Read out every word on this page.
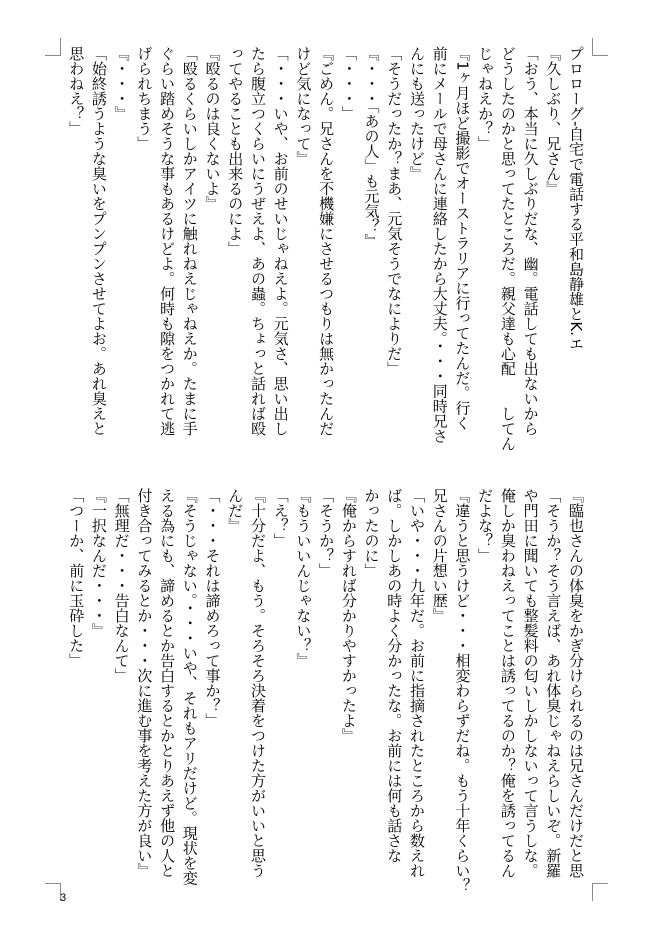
プロローグ-自宅で電話する平和島静雄とK.エ

『久しぶり、兄さん』

「おう、本当に久しぶりだな、幽。電話しても出ないから

どうしたのかと思ってたところだ。親父達も心配　　してん

じゃねえか？」

『1ヶ月ほど撮影でオーストラリアに行ってたんだ。行く

前にメールで母さんに連絡したから大丈夫。・・・同時兄さ

んにも送ったけど』

「そうだったか？まあ、元気そうでなによりだ」

『・・・「あの人」も元気？』

「・・・」

『ごめん。兄さんを不機嫌にさせるつもりは無かったんだ

けど気になって』

「・・・いや、お前のせいじゃねえよ。元気さ、思い出し

たら腹立つくらいにうぜえよ、あの蟲。ちょっと話れば殴

ってやることも出来るのによ」

『殴るのは良くないよ』

「殴るくらいしかアイツに触れねえじゃねえか。たまに手

ぐらい踏めそうな事もあるけどよ。何時も隙をつかれて逃

げられちまう」

『・・・』

「始終誘うような臭いをプンプンさせてよお。あれ臭えと

思わねえ？」

『臨也さんの体臭をかぎ分けられるのは兄さんだけだと思

「そうか？そう言えば、あれ体臭じゃねえらしいぞ。新羅

や門田に聞いても整髪料の匂いしかしないって言うしな。

俺しか臭わねえってことは誘ってるのか？俺を誘ってるん

だよな？」

『違うと思うけど・・・相変わらずだね。もう十年くらい？

兄さんの片想い歴』

「いや・・・九年だ。お前に指摘されたところから数えれ

ば。しかしあの時よく分かったな。お前には何も話さな

かったのに」

『俺からすれば分かりやすかったよ』

「そうか？」

『もういいんじゃない？』

「え？」

『十分だよ、もう。そろそろ決着をつけた方がいいと思う

んだ』

「・・・それは諦めろって事か？」

『そうじゃない。・・・いや、それもアリだけど。現状を変

える為にも、諦めるとか告白するとかとりあえず他の人と

付き合ってみるとか・・・次に進む事を考えた方が良い』

「無理だ・・・告白なんて」

『一択なんだ・・・』

「つーか、前に玉砕した」

3
